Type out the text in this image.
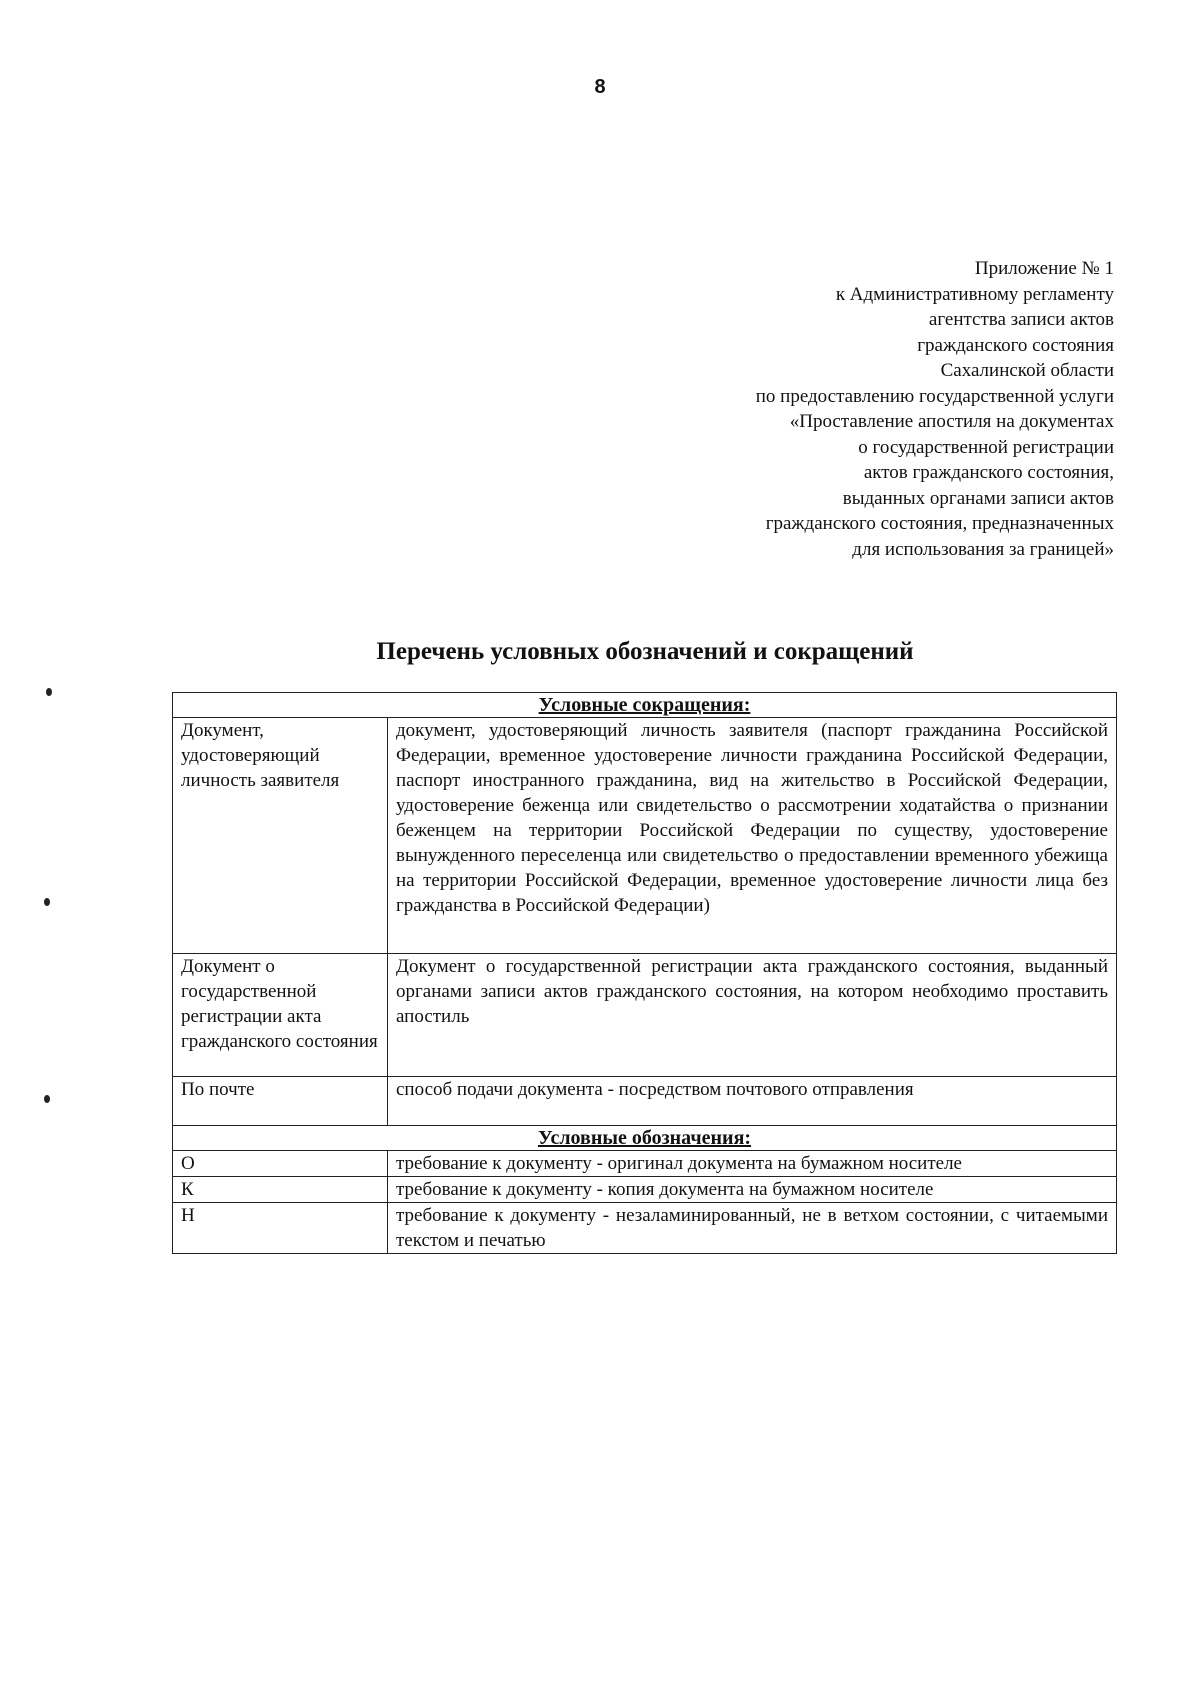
8
Приложение № 1
к Административному регламенту
агентства записи актов
гражданского состояния
Сахалинской области
по предоставлению государственной услуги
«Проставление апостиля на документах
о государственной регистрации
актов гражданского состояния,
выданных органами записи актов
гражданского состояния, предназначенных
для использования за границей»
Перечень условных обозначений и сокращений
Условные сокращения:	
Документ, удостоверяющий личность заявителя	документ, удостоверяющий личность заявителя (паспорт гражданина Российской Федерации, временное удостоверение личности гражданина Российской Федерации, паспорт иностранного гражданина, вид на жительство в Российской Федерации, удостоверение беженца или свидетельство о рассмотрении ходатайства о признании беженцем на территории Российской Федерации по существу, удостоверение вынужденного переселенца или свидетельство о предоставлении временного убежища на территории Российской Федерации, временное удостоверение личности лица без гражданства в Российской Федерации)
Документ о государственной регистрации акта гражданского состояния	Документ о государственной регистрации акта гражданского состояния, выданный органами записи актов гражданского состояния, на котором необходимо проставить апостиль
По почте	способ подачи документа - посредством почтового отправления
Условные обозначения:	
О	требование к документу - оригинал документа на бумажном носителе
К	требование к документу - копия документа на бумажном носителе
Н	требование к документу - незаламинированный, не в ветхом состоянии, с читаемыми текстом и печатью
